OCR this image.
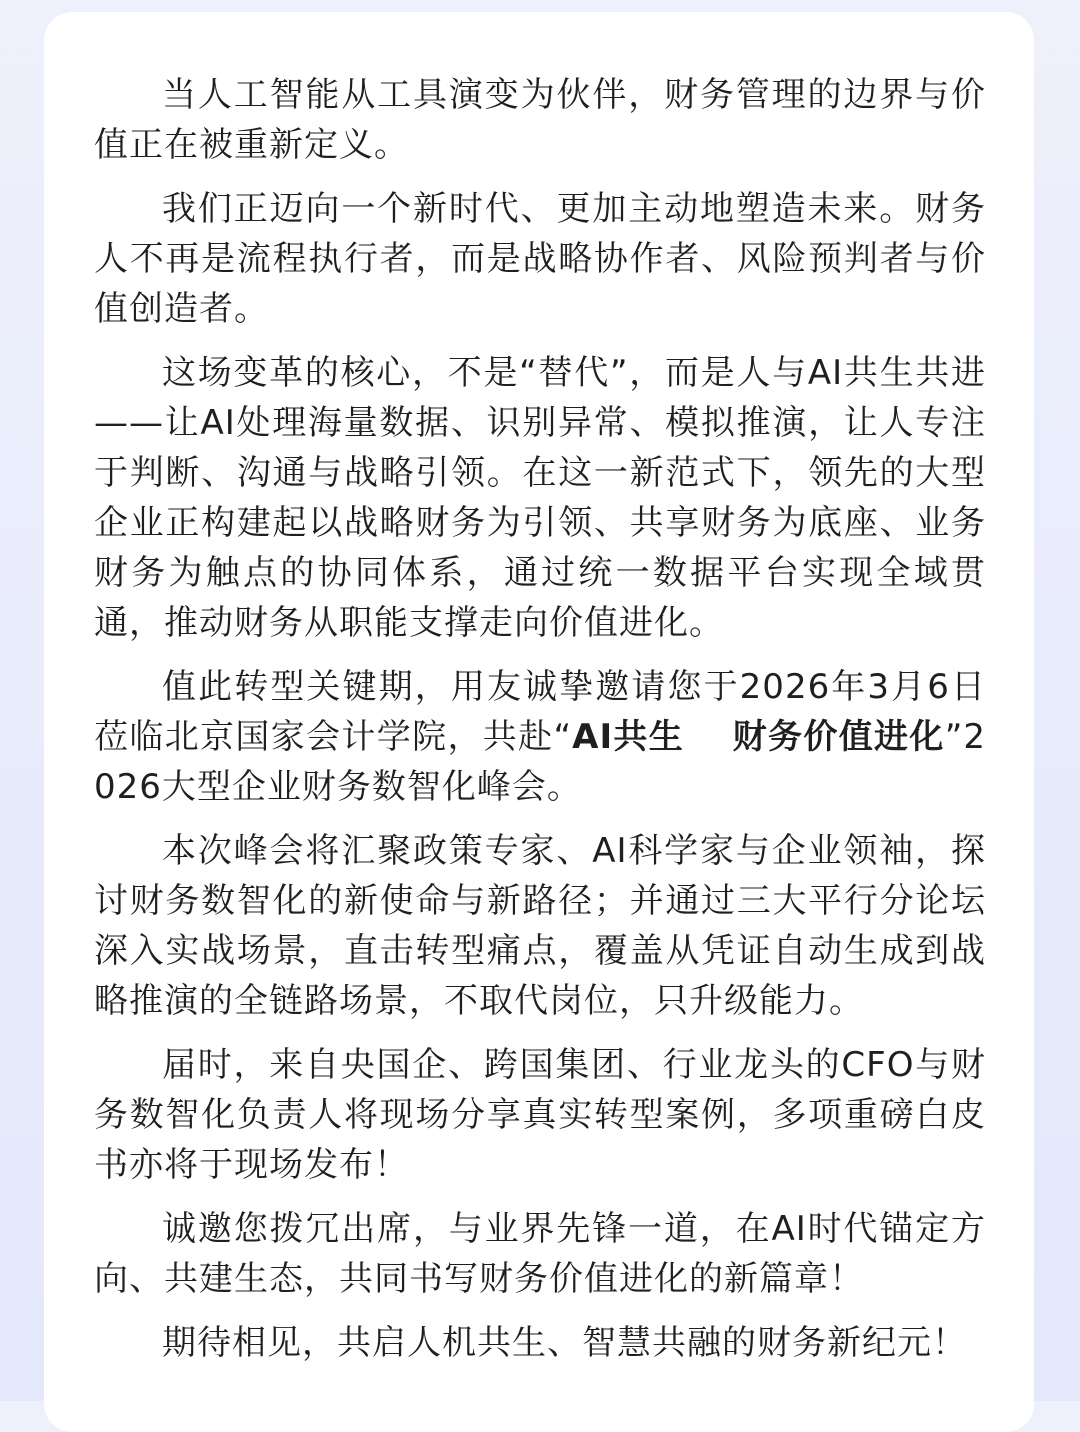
当人工智能从工具演变为伙伴，财务管理的边界与价值正在被重新定义。

我们正迈向一个新时代、更加主动地塑造未来。财务人不再是流程执行者，而是战略协作者、风险预判者与价值创造者。

这场变革的核心，不是“替代”，而是人与AI共生共进——让AI处理海量数据、识别异常、模拟推演，让人专注于判断、沟通与战略引领。在这一新范式下，领先的大型企业正构建起以战略财务为引领、共享财务为底座、业务财务为触点的协同体系，通过统一数据平台实现全域贯通，推动财务从职能支撑走向价值进化。

值此转型关键期，用友诚挚邀请您于2026年3月6日莅临北京国家会计学院，共赴“AI共生　 财务价值进化”2026大型企业财务数智化峰会。

本次峰会将汇聚政策专家、AI科学家与企业领袖，探讨财务数智化的新使命与新路径；并通过三大平行分论坛深入实战场景，直击转型痛点，覆盖从凭证自动生成到战略推演的全链路场景，不取代岗位，只升级能力。

届时，来自央国企、跨国集团、行业龙头的CFO与财务数智化负责人将现场分享真实转型案例，多项重磅白皮书亦将于现场发布！

诚邀您拨冗出席，与业界先锋一道，在AI时代锚定方向、共建生态，共同书写财务价值进化的新篇章！

期待相见，共启人机共生、智慧共融的财务新纪元！
